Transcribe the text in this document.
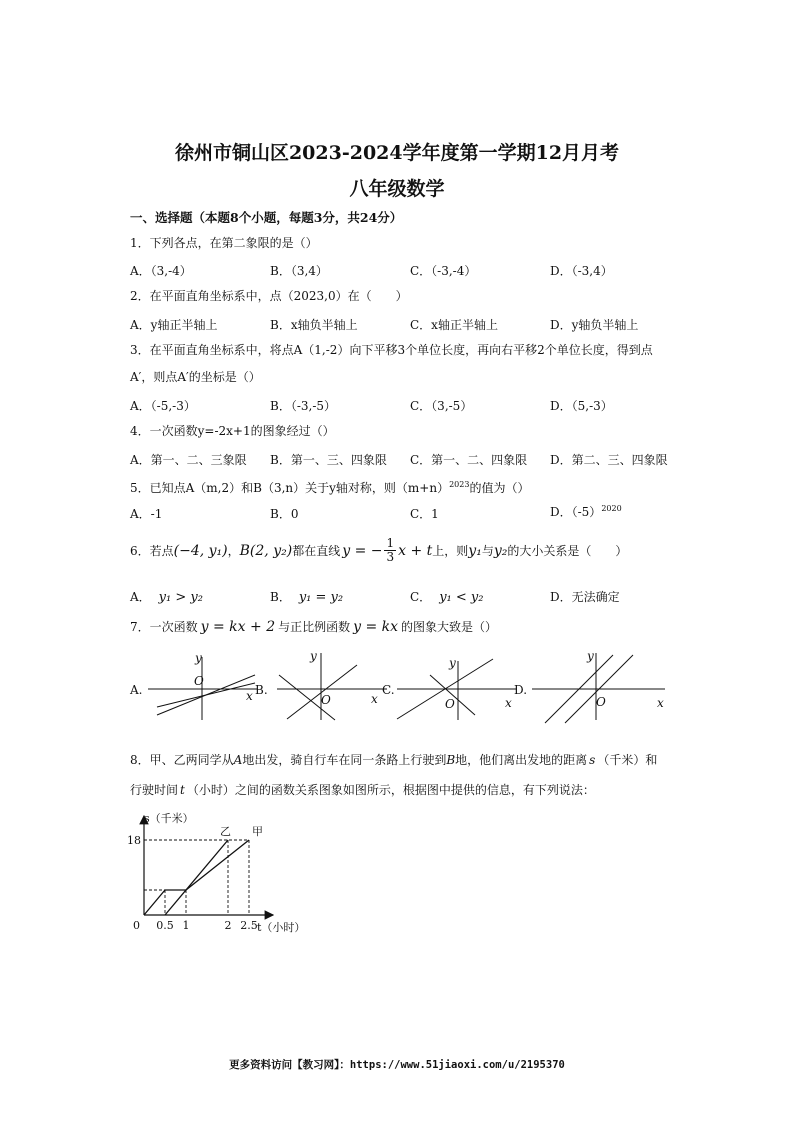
徐州市铜山区2023-2024学年度第一学期12月月考
八年级数学
一、选择题（本题8个小题，每题3分，共24分）
1．下列各点，在第二象限的是（）
A．（3,-4）	B．（3,4）	C．（-3,-4）	D．（-3,4）
2．在平面直角坐标系中，点（2023,0）在（　　）
A．y轴正半轴上	B．x轴负半轴上	C．x轴正半轴上	D．y轴负半轴上
3．在平面直角坐标系中，将点A（1,-2）向下平移3个单位长度，再向右平移2个单位长度，得到点
A′，则点A′的坐标是（）
A．（-5,-3）	B．（-3,-5）	C．（3,-5）	D．（5,-3）
4．一次函数y=-2x+1的图象经过（）
A．第一、二、三象限 B．第一、三、四象限 C．第一、二、四象限 D．第二、三、四象限
5．已知点A（m,2）和B（3,n）关于y轴对称，则$(m+n)^{2023}$的值为（）
A．-1	B．0	C．1	D．$(-5)^{2020}$
6．若点 (−4, y₁) ， B(2, y₂) 都在直线 y = − $\frac{1}{3}$ x + t 上，则 y₁ 与 y₂ 的大小关系是（　　）
A． y₁ > y₂	B． y₁ = y₂	C． y₁ < y₂	D．无法确定
7．一次函数 y = kx + 2 与正比例函数 y = kx 的图象大致是（）
A.
y
O
x B.
y
O	x
C.
y
O	x
D.
y
O	x
8．甲、乙两同学从A地出发，骑自行车在同一条路上行驶到B地，他们离出发地的距离 s （千米）和
行驶时间 t （小时）之间的函数关系图象如图所示，根据图中提供的信息，有下列说法：
0 0.5 1	2 2.5
18
甲
乙
s（千米）
t（小时）
更多资料访问【教习网】：https://www.51jiaoxi.com/u/2195370
